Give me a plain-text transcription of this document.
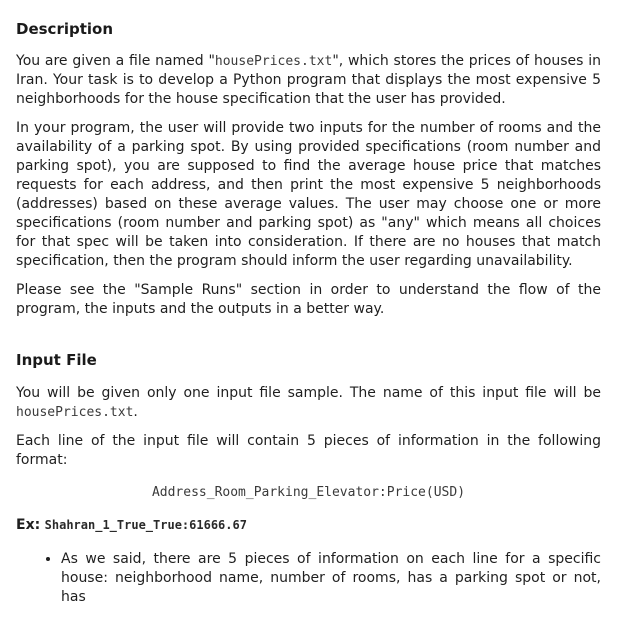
Description

You are given a file named "housePrices.txt", which stores the prices of houses in Iran. Your task is to develop a Python program that displays the most expensive 5 neighborhoods for the house specification that the user has provided.

In your program, the user will provide two inputs for the number of rooms and the availability of a parking spot. By using provided specifications (room number and parking spot), you are supposed to find the average house price that matches requests for each address, and then print the most expensive 5 neighborhoods (addresses) based on these average values. The user may choose one or more specifications (room number and parking spot) as "any" which means all choices for that spec will be taken into consideration. If there are no houses that match specification, then the program should inform the user regarding unavailability.

Please see the "Sample Runs" section in order to understand the flow of the program, the inputs and the outputs in a better way.

Input File

You will be given only one input file sample. The name of this input file will be housePrices.txt.

Each line of the input file will contain 5 pieces of information in the following format:

Address_Room_Parking_Elevator:Price(USD)
Ex: Shahran_1_True_True:61666.67
• As we said, there are 5 pieces of information on each line for a specific house: neighborhood name, number of rooms, has a parking spot or not, has
